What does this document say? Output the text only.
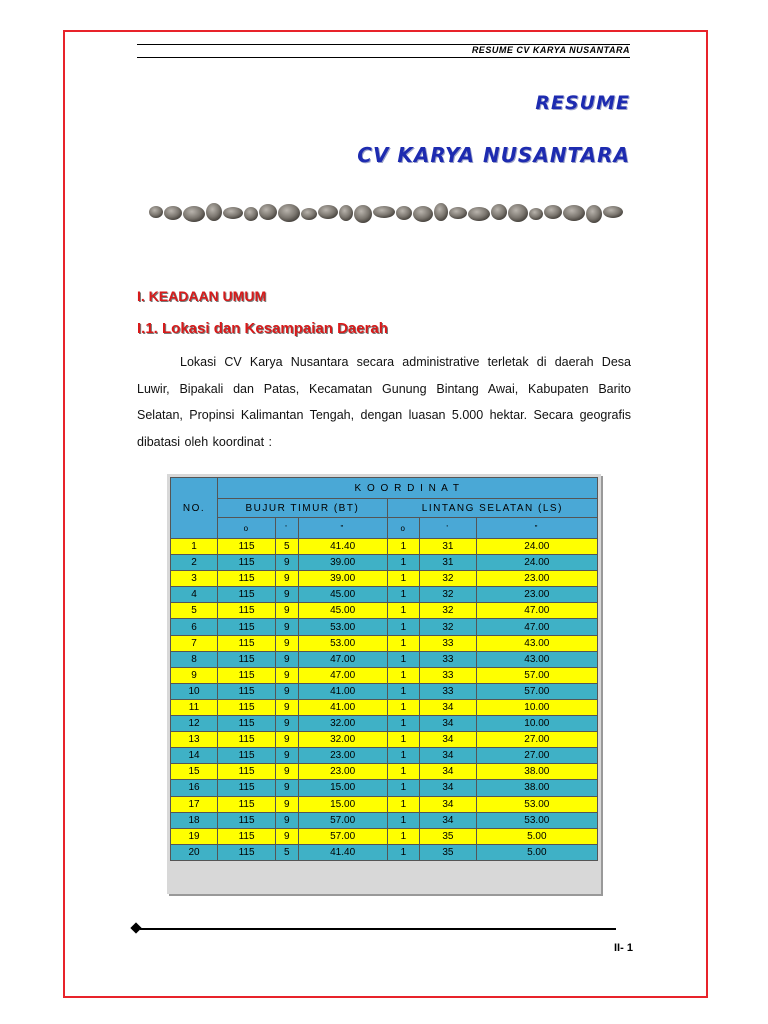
RESUME CV KARYA NUSANTARA
RESUME
CV KARYA NUSANTARA
I. KEADAAN UMUM
I.1. Lokasi dan Kesampaian Daerah
Lokasi CV Karya Nusantara secara administrative terletak di daerah Desa Luwir, Bipakali dan Patas, Kecamatan Gunung Bintang Awai, Kabupaten Barito Selatan, Propinsi Kalimantan Tengah, dengan luasan 5.000 hektar. Secara geografis dibatasi oleh koordinat :
NO.	K O O R D I N A T					
	BUJUR TIMUR (BT)			LINTANG SELATAN (LS)		
	o	'	"	o	'	"
1	115	5	41.40	1	31	24.00
2	115	9	39.00	1	31	24.00
3	115	9	39.00	1	32	23.00
4	115	9	45.00	1	32	23.00
5	115	9	45.00	1	32	47.00
6	115	9	53.00	1	32	47.00
7	115	9	53.00	1	33	43.00
8	115	9	47.00	1	33	43.00
9	115	9	47.00	1	33	57.00
10	115	9	41.00	1	33	57.00
11	115	9	41.00	1	34	10.00
12	115	9	32.00	1	34	10.00
13	115	9	32.00	1	34	27.00
14	115	9	23.00	1	34	27.00
15	115	9	23.00	1	34	38.00
16	115	9	15.00	1	34	38.00
17	115	9	15.00	1	34	53.00
18	115	9	57.00	1	34	53.00
19	115	9	57.00	1	35	5.00
20	115	5	41.40	1	35	5.00
II- 1
